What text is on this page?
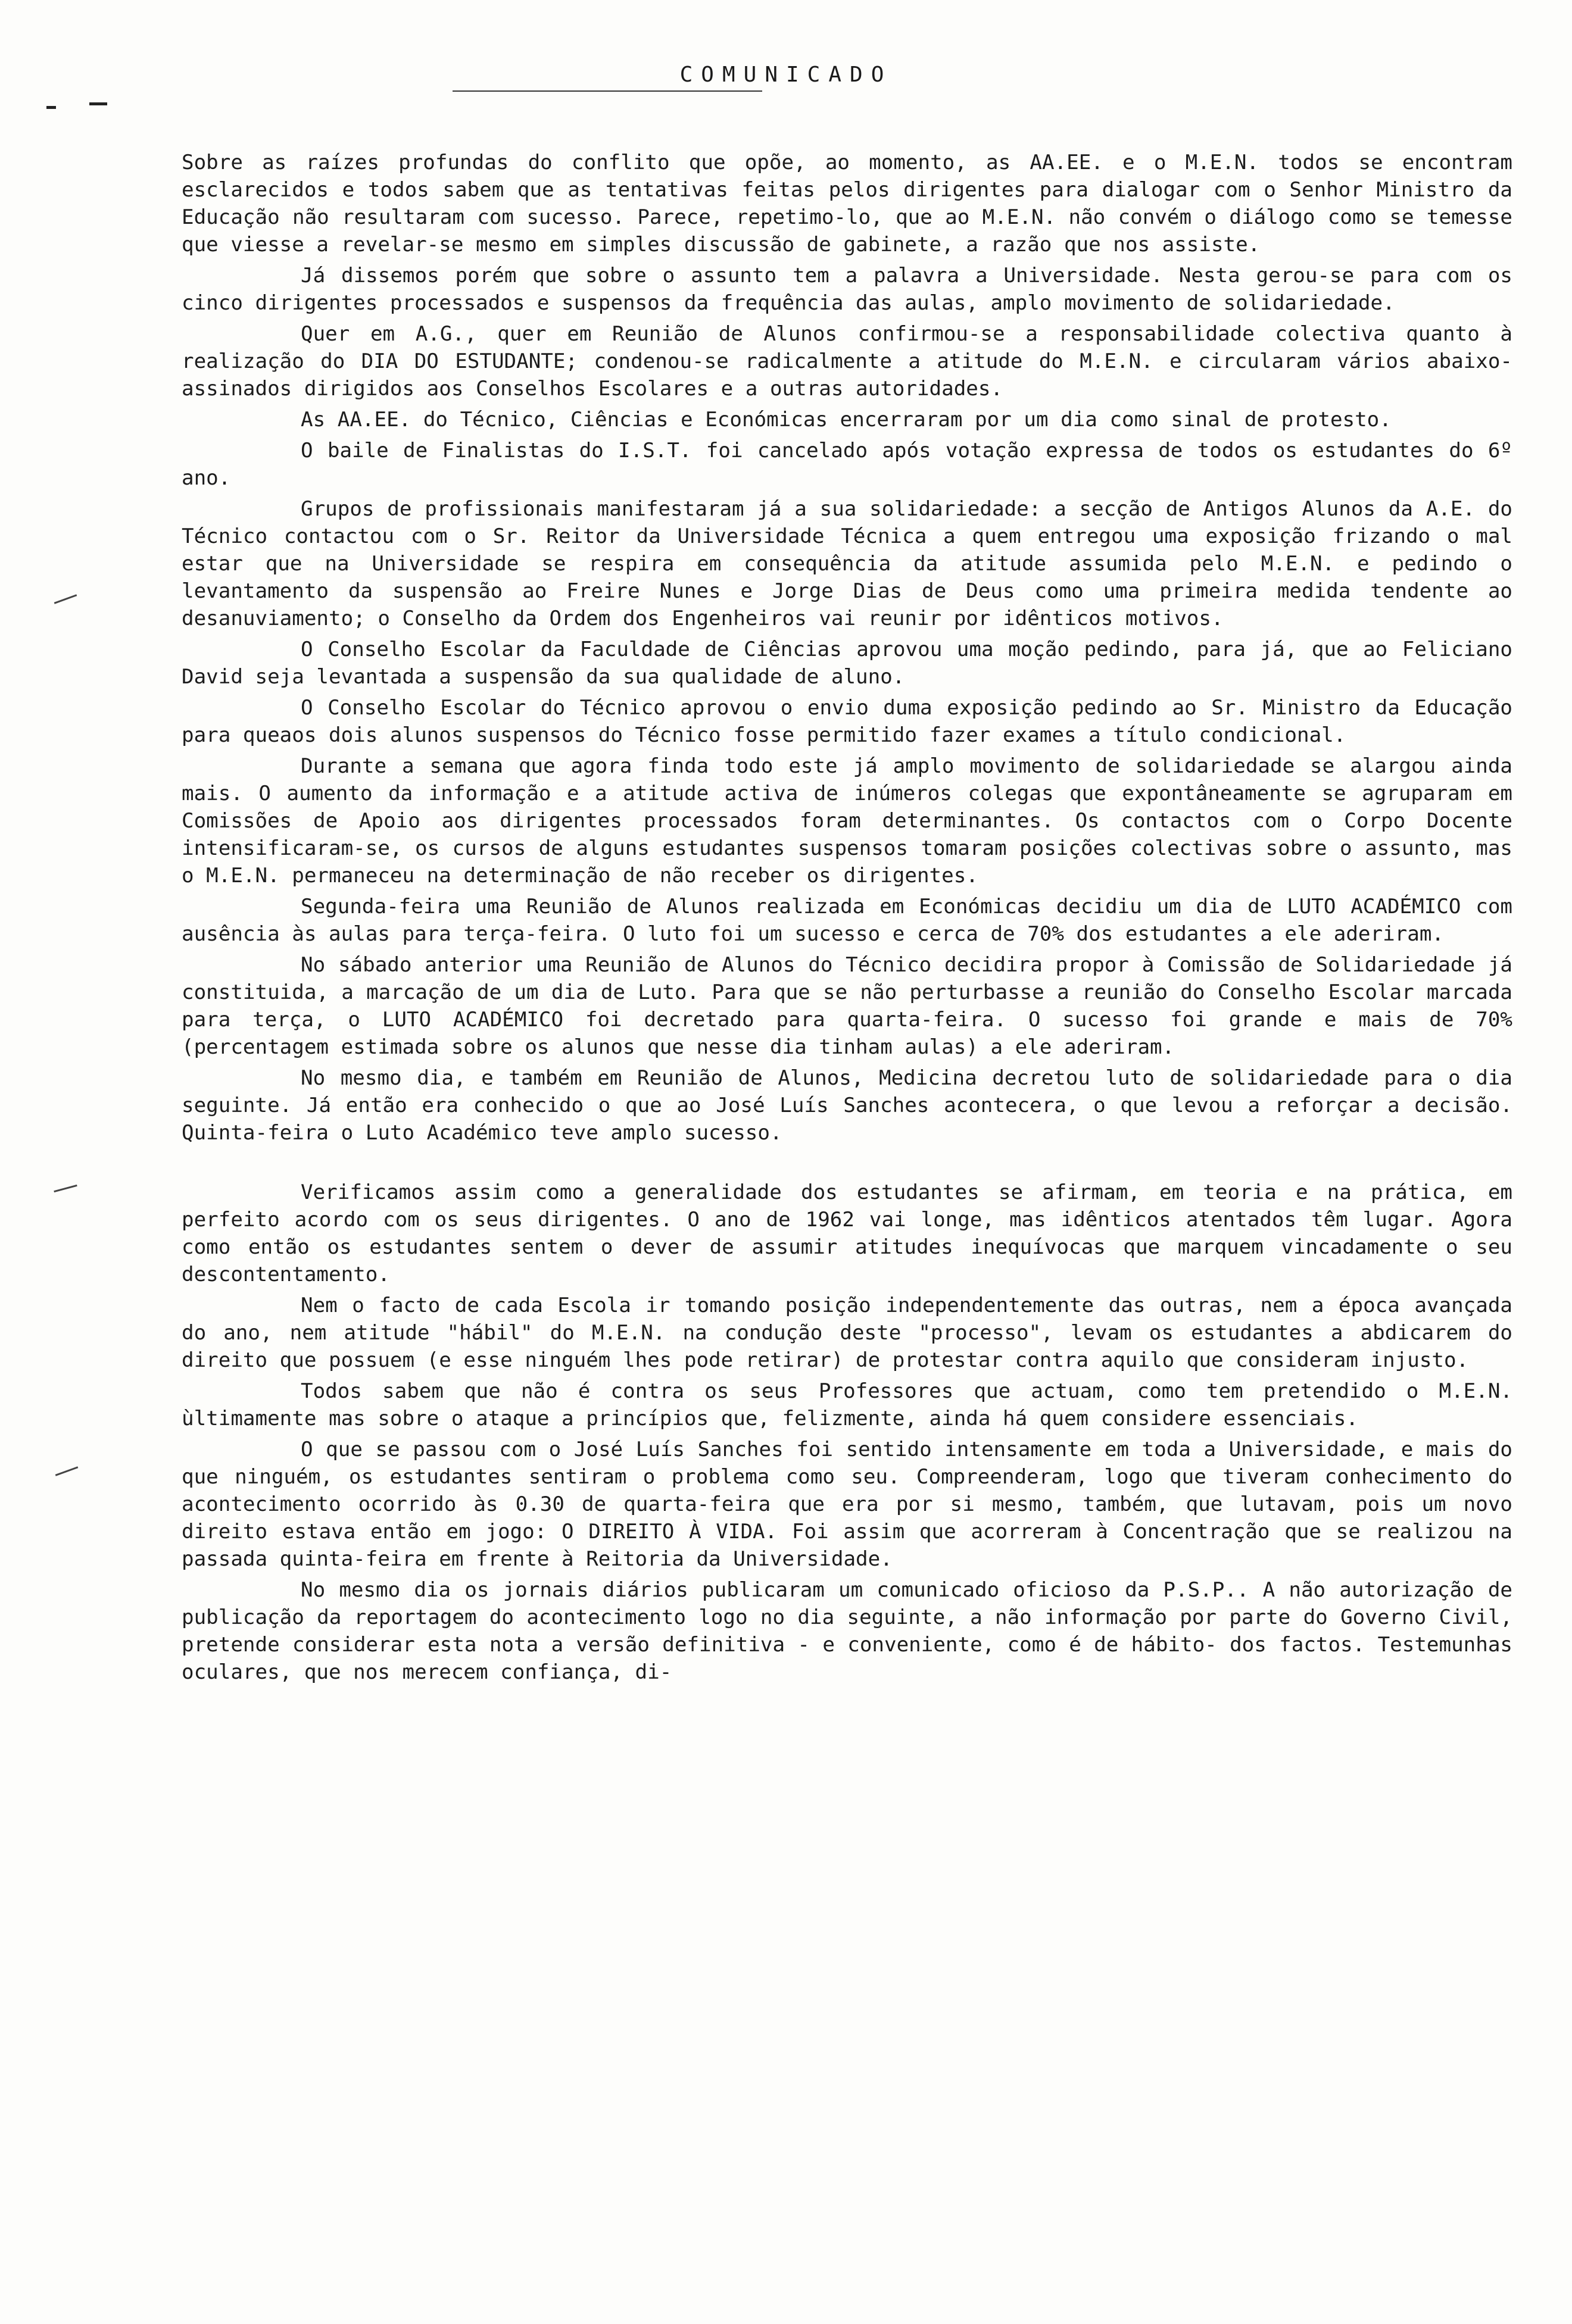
COMUNICADO

Sobre as raízes profundas do conflito que opõe, ao momento, as AA.EE. e o M.E.N. todos se encontram esclarecidos e todos sabem que as tentativas feitas pelos dirigentes para dialogar com o Senhor Ministro da Educação não resultaram com sucesso. Parece, repetimo-lo, que ao M.E.N. não convém o diálogo como se temesse que viesse a revelar-se mesmo em simples discussão de gabinete, a razão que nos assiste.

Já dissemos porém que sobre o assunto tem a palavra a Universidade. Nesta gerou-se para com os cinco dirigentes processados e suspensos da frequência das aulas, amplo movimento de solidariedade.

Quer em A.G., quer em Reunião de Alunos confirmou-se a responsabilidade colectiva quanto à realização do DIA DO ESTUDANTE; condenou-se radicalmente a atitude do M.E.N. e circularam vários abaixo-assinados dirigidos aos Conselhos Escolares e a outras autoridades.

As AA.EE. do Técnico, Ciências e Económicas encerraram por um dia como sinal de protesto.

O baile de Finalistas do I.S.T. foi cancelado após votação expressa de todos os estudantes do 6º ano.

Grupos de profissionais manifestaram já a sua solidariedade: a secção de Antigos Alunos da A.E. do Técnico contactou com o Sr. Reitor da Universidade Técnica a quem entregou uma exposição frizando o mal estar que na Universidade se respira em consequência da atitude assumida pelo M.E.N. e pedindo o levantamento da suspensão ao Freire Nunes e Jorge Dias de Deus como uma primeira medida tendente ao desanuviamento; o Conselho da Ordem dos Engenheiros vai reunir por idênticos motivos.

O Conselho Escolar da Faculdade de Ciências aprovou uma moção pedindo, para já, que ao Feliciano David seja levantada a suspensão da sua qualidade de aluno.

O Conselho Escolar do Técnico aprovou o envio duma exposição pedindo ao Sr. Ministro da Educação para queaos dois alunos suspensos do Técnico fosse permitido fazer exames a título condicional.

Durante a semana que agora finda todo este já amplo movimento de solidariedade se alargou ainda mais. O aumento da informação e a atitude activa de inúmeros colegas que expontâneamente se agruparam em Comissões de Apoio aos dirigentes processados foram determinantes. Os contactos com o Corpo Docente intensificaram-se, os cursos de alguns estudantes suspensos tomaram posições colectivas sobre o assunto, mas o M.E.N. permaneceu na determinação de não receber os dirigentes.

Segunda-feira uma Reunião de Alunos realizada em Económicas decidiu um dia de LUTO ACADÉMICO com ausência às aulas para terça-feira. O luto foi um sucesso e cerca de 70% dos estudantes a ele aderiram.

No sábado anterior uma Reunião de Alunos do Técnico decidira propor à Comissão de Solidariedade já constituida, a marcação de um dia de Luto. Para que se não perturbasse a reunião do Conselho Escolar marcada para terça, o LUTO ACADÉMICO foi decretado para quarta-feira. O sucesso foi grande e mais de 70% (percentagem estimada sobre os alunos que nesse dia tinham aulas) a ele aderiram.

No mesmo dia, e também em Reunião de Alunos, Medicina decretou luto de solidariedade para o dia seguinte. Já então era conhecido o que ao José Luís Sanches acontecera, o que levou a reforçar a decisão. Quinta-feira o Luto Académico teve amplo sucesso.

Verificamos assim como a generalidade dos estudantes se afirmam, em teoria e na prática, em perfeito acordo com os seus dirigentes. O ano de 1962 vai longe, mas idênticos atentados têm lugar. Agora como então os estudantes sentem o dever de assumir atitudes inequívocas que marquem vincadamente o seu descontentamento.

Nem o facto de cada Escola ir tomando posição independentemente das outras, nem a época avançada do ano, nem atitude "hábil" do M.E.N. na condução deste "processo", levam os estudantes a abdicarem do direito que possuem (e esse ninguém lhes pode retirar) de protestar contra aquilo que consideram injusto.

Todos sabem que não é contra os seus Professores que actuam, como tem pretendido o M.E.N. ùltimamente mas sobre o ataque a princípios que, felizmente, ainda há quem considere essenciais.

O que se passou com o José Luís Sanches foi sentido intensamente em toda a Universidade, e mais do que ninguém, os estudantes sentiram o problema como seu. Compreenderam, logo que tiveram conhecimento do acontecimento ocorrido às 0.30 de quarta-feira que era por si mesmo, também, que lutavam, pois um novo direito estava então em jogo: O DIREITO À VIDA. Foi assim que acorreram à Concentração que se realizou na passada quinta-feira em frente à Reitoria da Universidade.

No mesmo dia os jornais diários publicaram um comunicado oficioso da P.S.P.. A não autorização de publicação da reportagem do acontecimento logo no dia seguinte, a não informação por parte do Governo Civil, pretende considerar esta nota a versão definitiva - e conveniente, como é de hábito- dos factos. Testemunhas oculares, que nos merecem confiança, di-
